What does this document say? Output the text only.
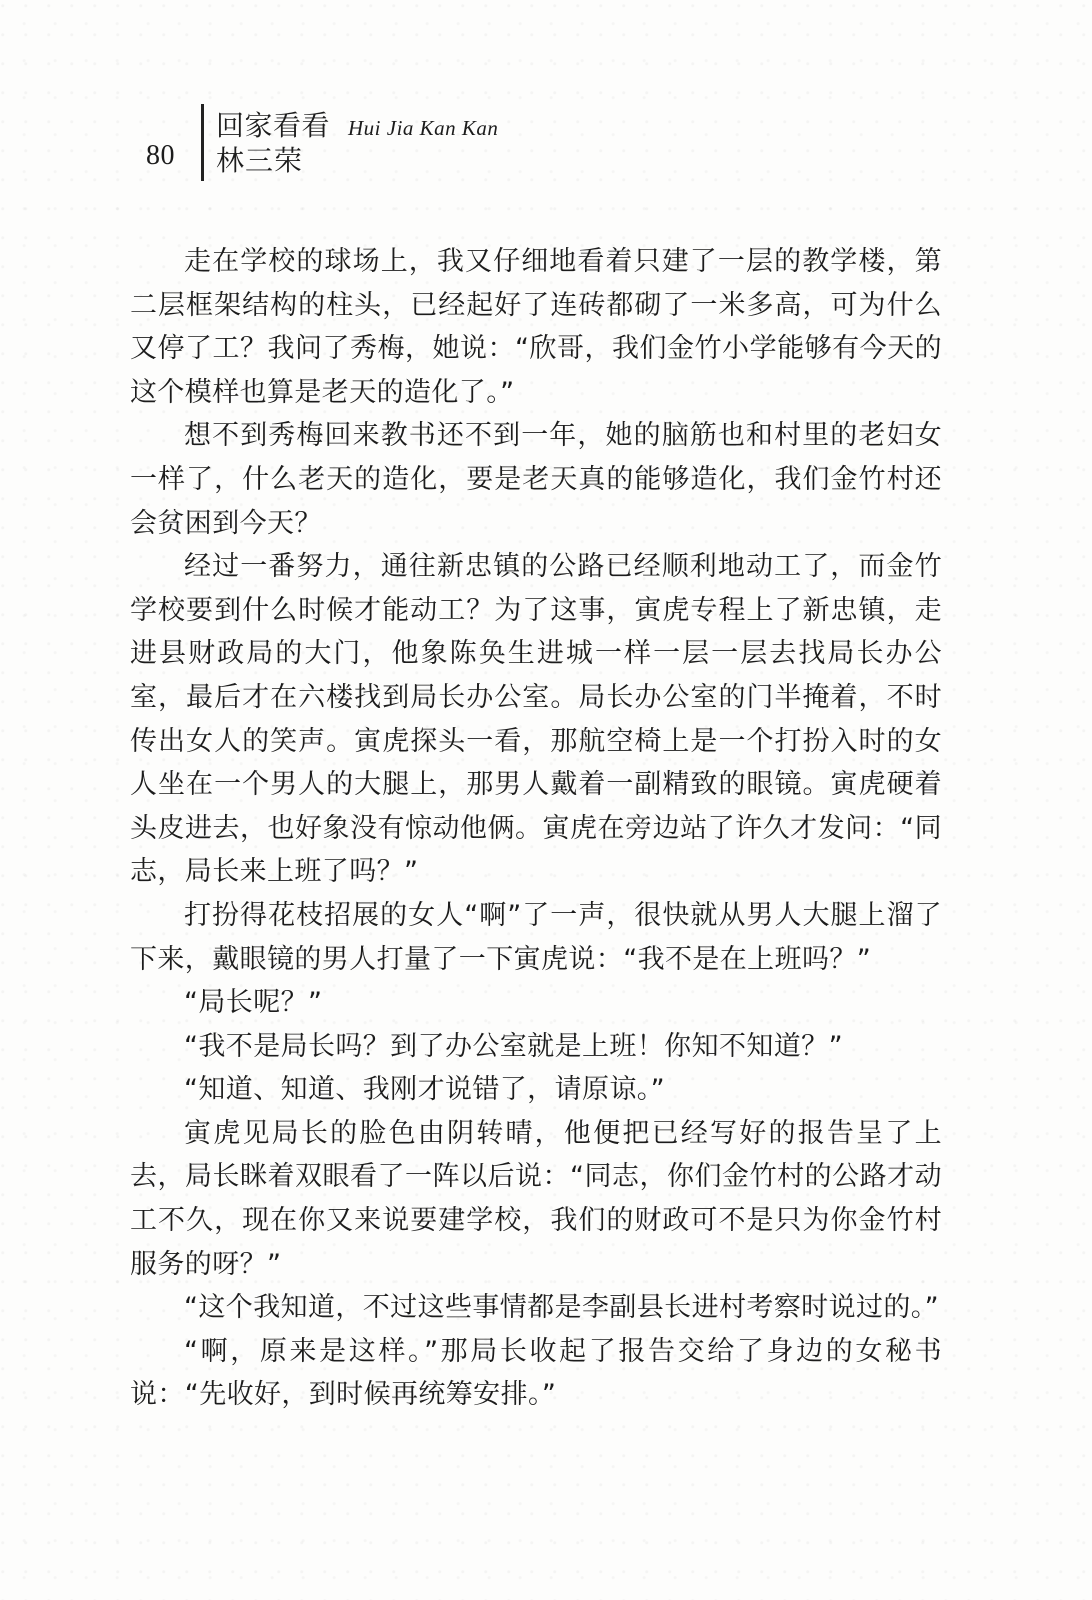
80
回家看看 Hui Jia Kan Kan
林三荣

走在学校的球场上，我又仔细地看着只建了一层的教学楼，第二层框架结构的柱头，已经起好了连砖都砌了一米多高，可为什么又停了工？我问了秀梅，她说：“欣哥，我们金竹小学能够有今天的这个模样也算是老天的造化了。”

想不到秀梅回来教书还不到一年，她的脑筋也和村里的老妇女一样了，什么老天的造化，要是老天真的能够造化，我们金竹村还会贫困到今天？

经过一番努力，通往新忠镇的公路已经顺利地动工了，而金竹学校要到什么时候才能动工？为了这事，寅虎专程上了新忠镇，走进县财政局的大门，他象陈奂生进城一样一层一层去找局长办公室，最后才在六楼找到局长办公室。局长办公室的门半掩着，不时传出女人的笑声。寅虎探头一看，那航空椅上是一个打扮入时的女人坐在一个男人的大腿上，那男人戴着一副精致的眼镜。寅虎硬着头皮进去，也好象没有惊动他俩。寅虎在旁边站了许久才发问：“同志，局长来上班了吗？”

打扮得花枝招展的女人“啊”了一声，很快就从男人大腿上溜了下来，戴眼镜的男人打量了一下寅虎说：“我不是在上班吗？”

“局长呢？”

“我不是局长吗？到了办公室就是上班！你知不知道？”

“知道、知道、我刚才说错了，请原谅。”

寅虎见局长的脸色由阴转晴，他便把已经写好的报告呈了上去，局长眯着双眼看了一阵以后说：“同志，你们金竹村的公路才动工不久，现在你又来说要建学校，我们的财政可不是只为你金竹村服务的呀？”

“这个我知道，不过这些事情都是李副县长进村考察时说过的。”

“啊，原来是这样。”那局长收起了报告交给了身边的女秘书说：“先收好，到时候再统筹安排。”
